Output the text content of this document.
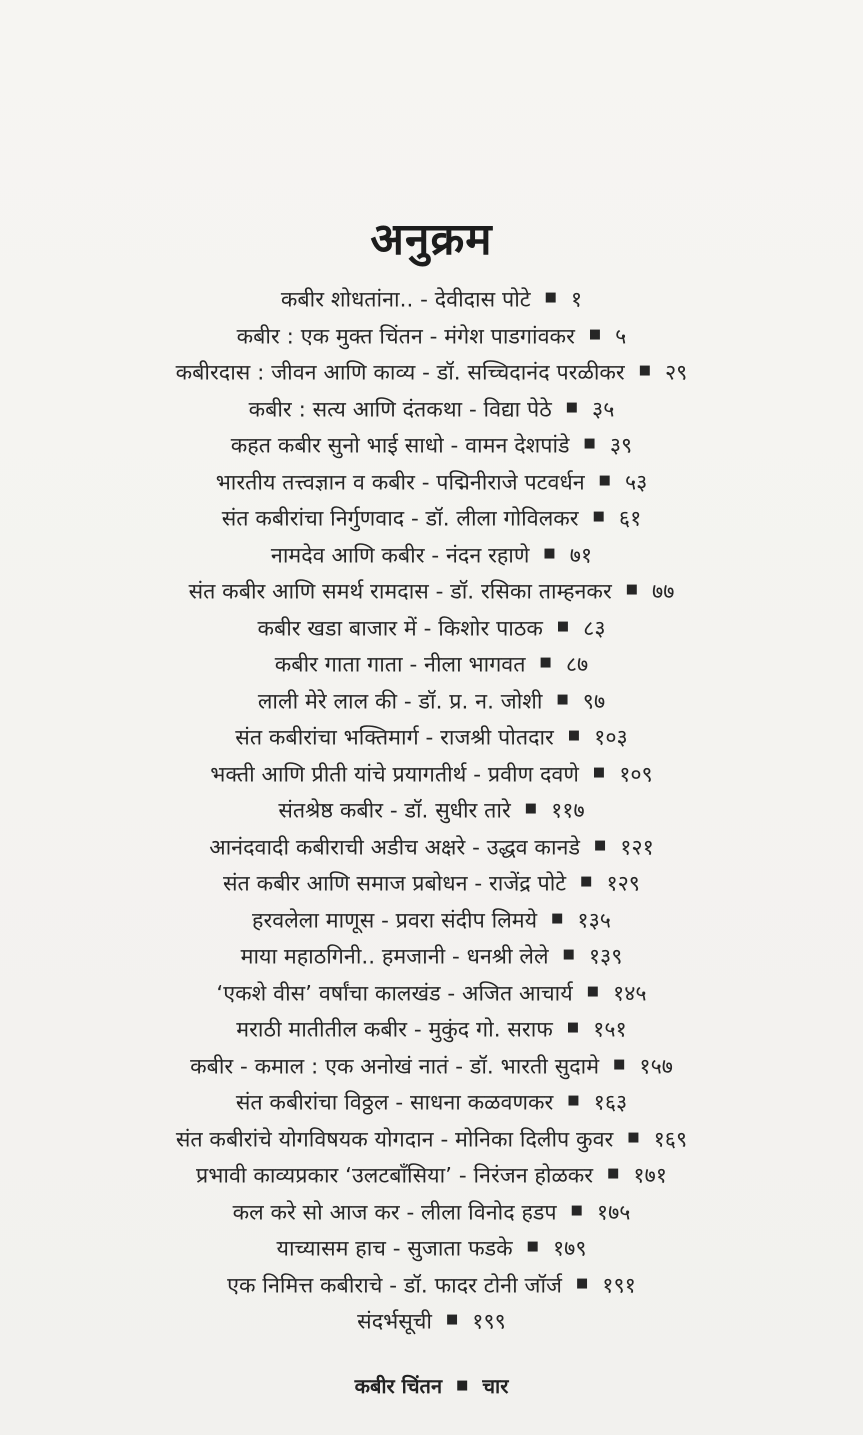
अनुक्रम
कबीर शोधतांना.. - देवीदास पोटे ■ १
कबीर : एक मुक्त चिंतन - मंगेश पाडगांवकर ■ ५
कबीरदास : जीवन आणि काव्य - डॉ. सच्चिदानंद परळीकर ■ २९
कबीर : सत्य आणि दंतकथा - विद्या पेठे ■ ३५
कहत कबीर सुनो भाई साधो - वामन देशपांडे ■ ३९
भारतीय तत्त्वज्ञान व कबीर - पद्मिनीराजे पटवर्धन ■ ५३
संत कबीरांचा निर्गुणवाद - डॉ. लीला गोविलकर ■ ६१
नामदेव आणि कबीर - नंदन रहाणे ■ ७१
संत कबीर आणि समर्थ रामदास - डॉ. रसिका ताम्हनकर ■ ७७
कबीर खडा बाजार में - किशोर पाठक ■ ८३
कबीर गाता गाता - नीला भागवत ■ ८७
लाली मेरे लाल की - डॉ. प्र. न. जोशी ■ ९७
संत कबीरांचा भक्तिमार्ग - राजश्री पोतदार ■ १०३
भक्ती आणि प्रीती यांचे प्रयागतीर्थ - प्रवीण दवणे ■ १०९
संतश्रेष्ठ कबीर - डॉ. सुधीर तारे ■ ११७
आनंदवादी कबीराची अडीच अक्षरे - उद्धव कानडे ■ १२१
संत कबीर आणि समाज प्रबोधन - राजेंद्र पोटे ■ १२९
हरवलेला माणूस - प्रवरा संदीप लिमये ■ १३५
माया महाठगिनी.. हमजानी - धनश्री लेले ■ १३९
‘एकशे वीस’ वर्षांचा कालखंड - अजित आचार्य ■ १४५
मराठी मातीतील कबीर - मुकुंद गो. सराफ ■ १५१
कबीर - कमाल : एक अनोखं नातं - डॉ. भारती सुदामे ■ १५७
संत कबीरांचा विठ्ठल - साधना कळवणकर ■ १६३
संत कबीरांचे योगविषयक योगदान - मोनिका दिलीप कुवर ■ १६९
प्रभावी काव्यप्रकार ‘उलटबाँसिया’ - निरंजन होळकर ■ १७१
कल करे सो आज कर - लीला विनोद हडप ■ १७५
याच्यासम हाच - सुजाता फडके ■ १७९
एक निमित्त कबीराचे - डॉ. फादर टोनी जॉर्ज ■ १९१
संदर्भसूची ■ १९९
कबीर चिंतन ■ चार
